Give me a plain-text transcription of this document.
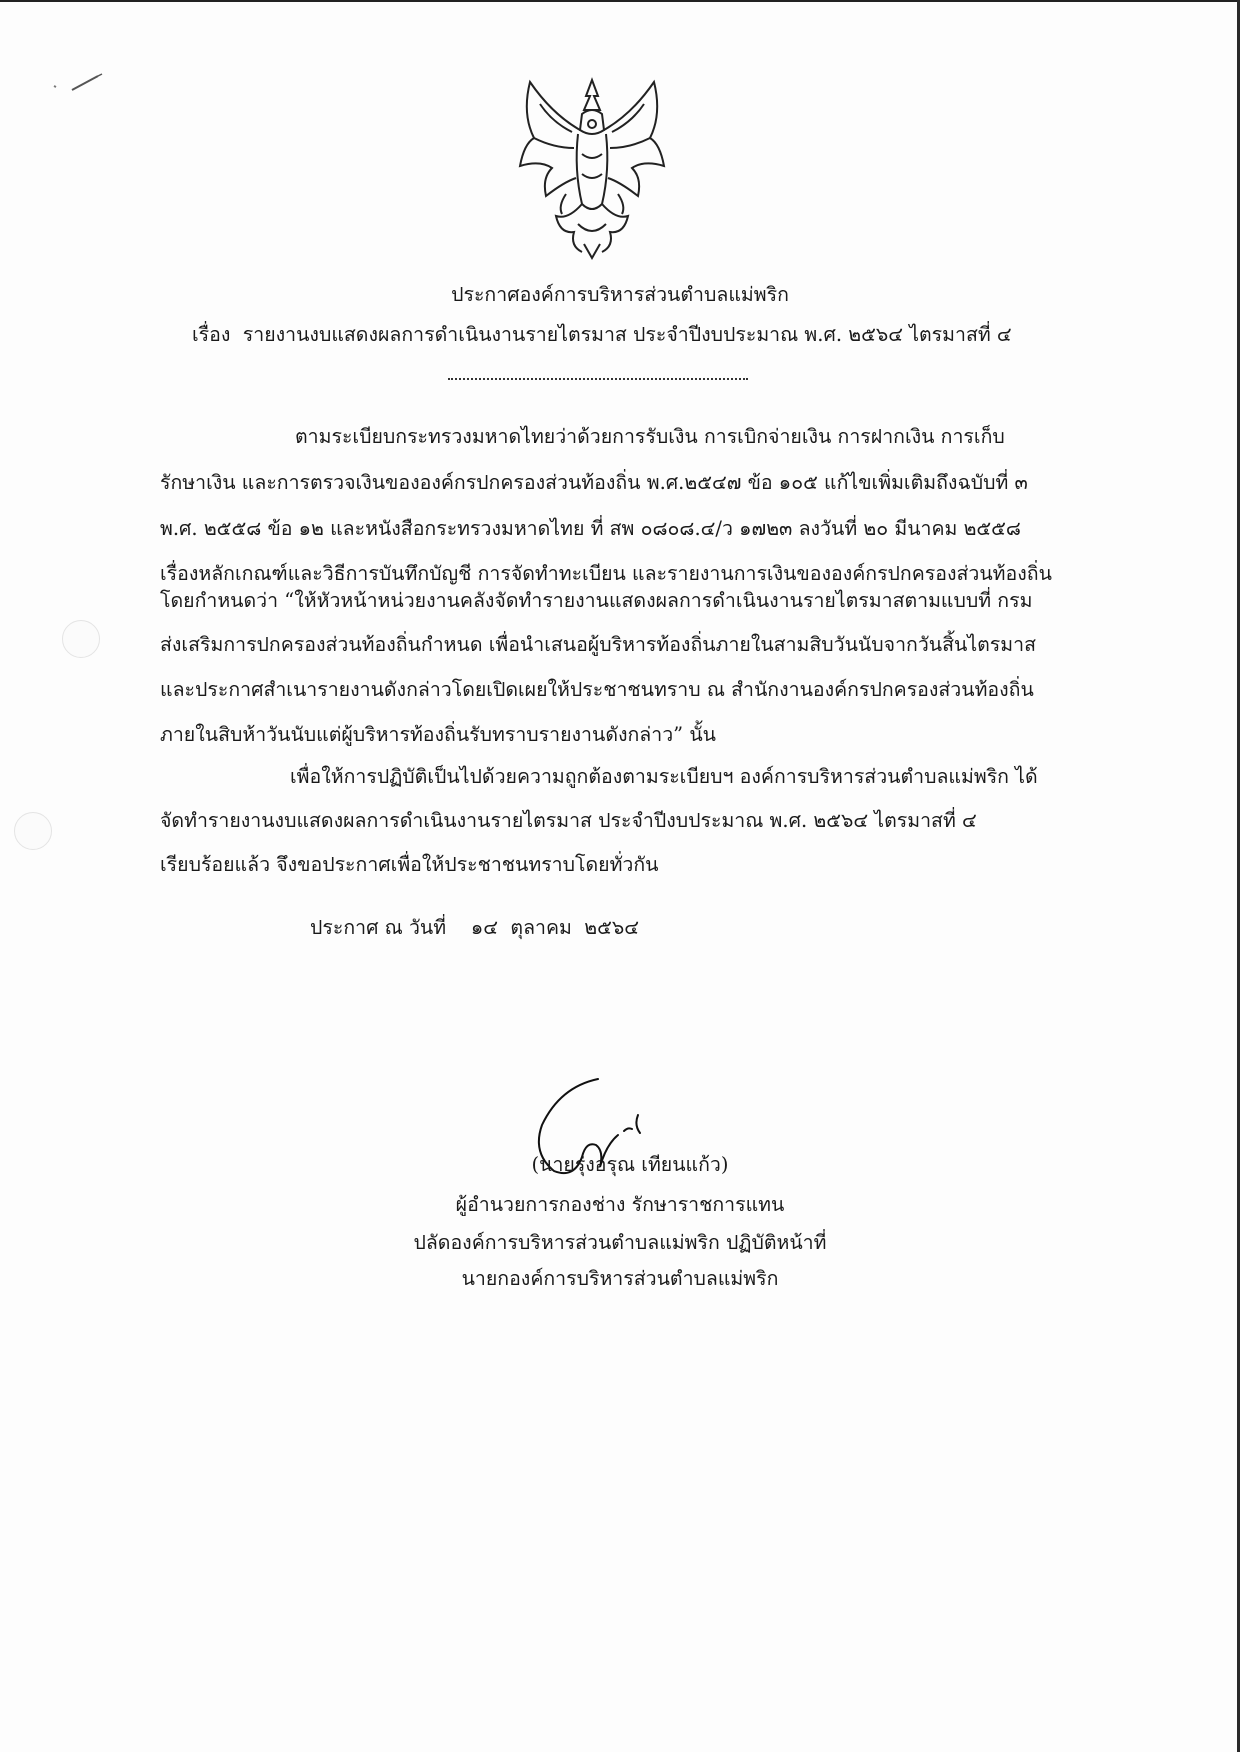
ประกาศองค์การบริหารส่วนตำบลแม่พริก
เรื่อง รายงานงบแสดงผลการดำเนินงานรายไตรมาส ประจำปีงบประมาณ พ.ศ. ๒๕๖๔ ไตรมาสที่ ๔
ตามระเบียบกระทรวงมหาดไทยว่าด้วยการรับเงิน การเบิกจ่ายเงิน การฝากเงิน การเก็บ
รักษาเงิน และการตรวจเงินขององค์กรปกครองส่วนท้องถิ่น พ.ศ.๒๕๔๗ ข้อ ๑๐๕ แก้ไขเพิ่มเติมถึงฉบับที่ ๓
พ.ศ. ๒๕๕๘ ข้อ ๑๒ และหนังสือกระทรวงมหาดไทย ที่ สพ ๐๘๐๘.๔/ว ๑๗๒๓ ลงวันที่ ๒๐ มีนาคม ๒๕๕๘
เรื่องหลักเกณฑ์และวิธีการบันทึกบัญชี การจัดทำทะเบียน และรายงานการเงินขององค์กรปกครองส่วนท้องถิ่น
โดยกำหนดว่า “ให้หัวหน้าหน่วยงานคลังจัดทำรายงานแสดงผลการดำเนินงานรายไตรมาสตามแบบที่ กรม
ส่งเสริมการปกครองส่วนท้องถิ่นกำหนด เพื่อนำเสนอผู้บริหารท้องถิ่นภายในสามสิบวันนับจากวันสิ้นไตรมาส
และประกาศสำเนารายงานดังกล่าวโดยเปิดเผยให้ประชาชนทราบ ณ สำนักงานองค์กรปกครองส่วนท้องถิ่น
ภายในสิบห้าวันนับแต่ผู้บริหารท้องถิ่นรับทราบรายงานดังกล่าว” นั้น
เพื่อให้การปฏิบัติเป็นไปด้วยความถูกต้องตามระเบียบฯ องค์การบริหารส่วนตำบลแม่พริก ได้
จัดทำรายงานงบแสดงผลการดำเนินงานรายไตรมาส ประจำปีงบประมาณ พ.ศ. ๒๕๖๔ ไตรมาสที่ ๔
เรียบร้อยแล้ว จึงขอประกาศเพื่อให้ประชาชนทราบโดยทั่วกัน
ประกาศ ณ วันที่    ๑๔  ตุลาคม  ๒๕๖๔
(นายรุ่งอรุณ เทียนแก้ว)
ผู้อำนวยการกองช่าง รักษาราชการแทน
ปลัดองค์การบริหารส่วนตำบลแม่พริก ปฏิบัติหน้าที่
นายกองค์การบริหารส่วนตำบลแม่พริก
